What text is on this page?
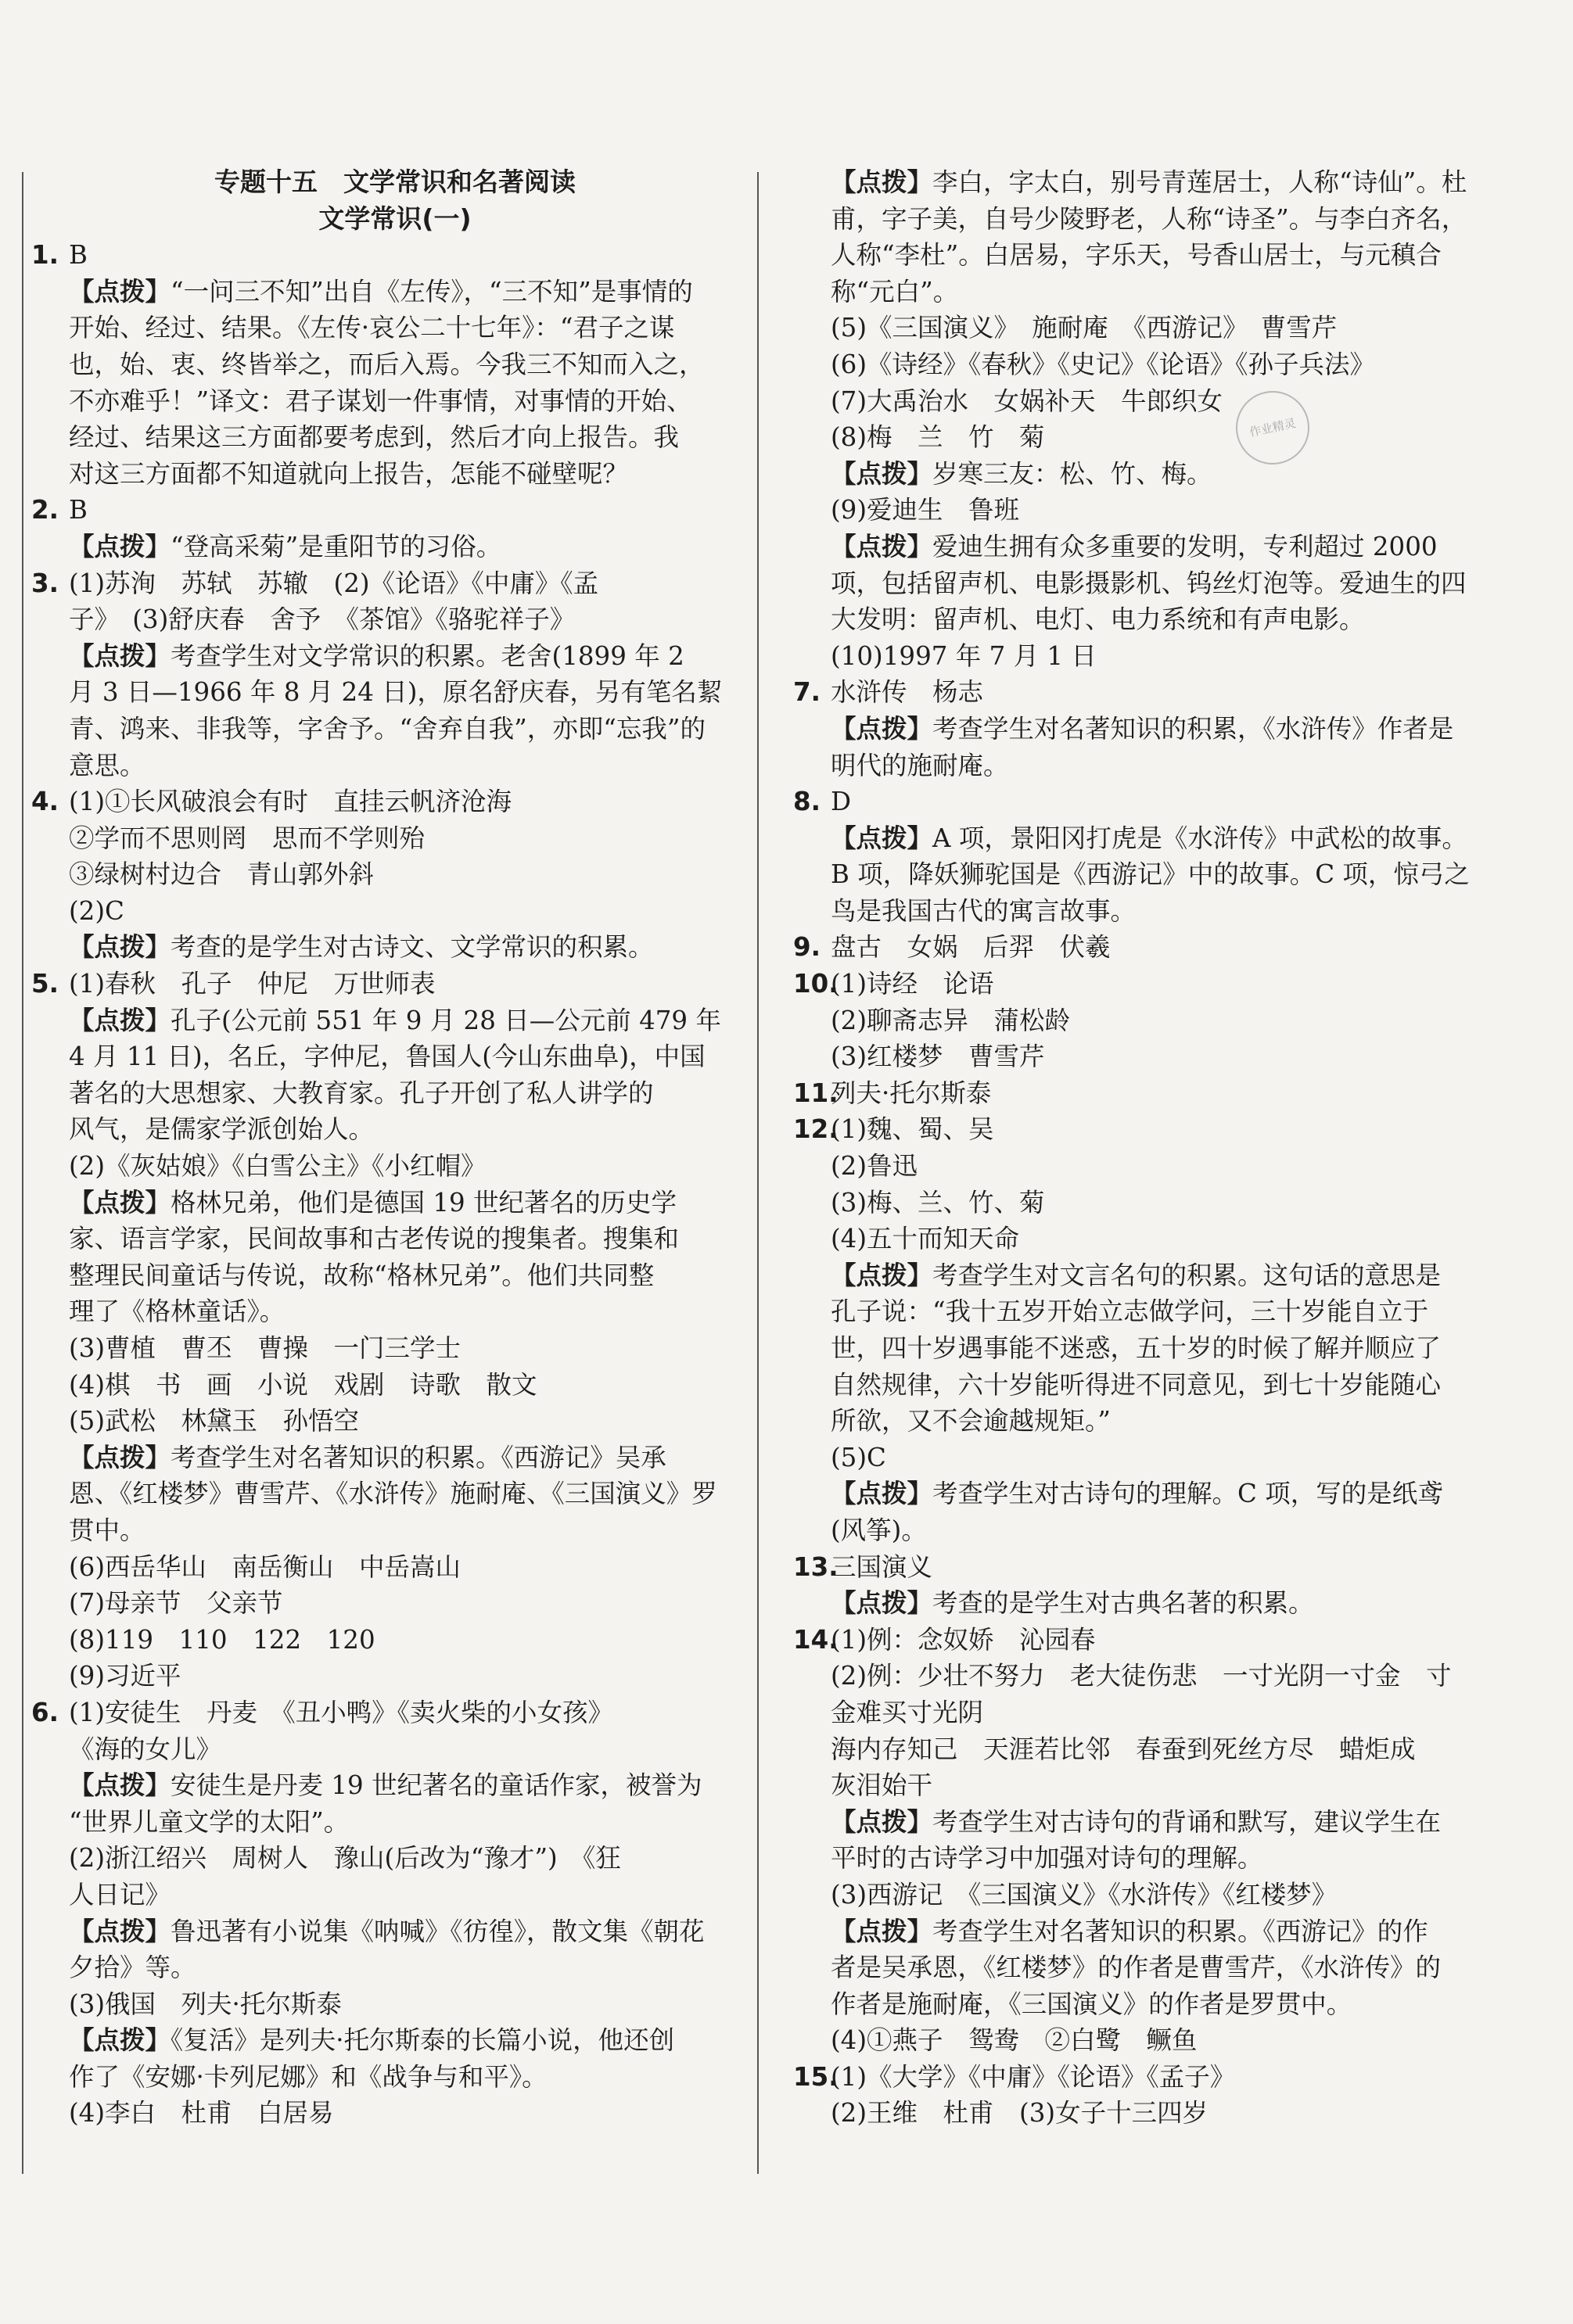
专题十五　文学常识和名著阅读
文学常识(一)
1. B
【点拨】“一问三不知”出自《左传》，“三不知”是事情的
开始、经过、结果。《左传·哀公二十七年》：“君子之谋
也，始、衷、终皆举之，而后入焉。今我三不知而入之，
不亦难乎！”译文：君子谋划一件事情，对事情的开始、
经过、结果这三方面都要考虑到，然后才向上报告。我
对这三方面都不知道就向上报告，怎能不碰壁呢？
2. B
【点拨】“登高采菊”是重阳节的习俗。
3. (1)苏洵　苏轼　苏辙　(2)《论语》《中庸》《孟
子》　(3)舒庆春　舍予　《茶馆》《骆驼祥子》
【点拨】考查学生对文学常识的积累。老舍(1899 年 2
月 3 日—1966 年 8 月 24 日)，原名舒庆春，另有笔名絜
青、鸿来、非我等，字舍予。“舍弃自我”，亦即“忘我”的
意思。
4. (1)①长风破浪会有时　直挂云帆济沧海
②学而不思则罔　思而不学则殆
③绿树村边合　青山郭外斜
(2)C
【点拨】考查的是学生对古诗文、文学常识的积累。
5. (1)春秋　孔子　仲尼　万世师表
【点拨】孔子(公元前 551 年 9 月 28 日—公元前 479 年
4 月 11 日)，名丘，字仲尼，鲁国人(今山东曲阜)，中国
著名的大思想家、大教育家。孔子开创了私人讲学的
风气，是儒家学派创始人。
(2)《灰姑娘》《白雪公主》《小红帽》
【点拨】格林兄弟，他们是德国 19 世纪著名的历史学
家、语言学家，民间故事和古老传说的搜集者。搜集和
整理民间童话与传说，故称“格林兄弟”。他们共同整
理了《格林童话》。
(3)曹植　曹丕　曹操　一门三学士
(4)棋　书　画　小说　戏剧　诗歌　散文
(5)武松　林黛玉　孙悟空
【点拨】考查学生对名著知识的积累。《西游记》吴承
恩、《红楼梦》曹雪芹、《水浒传》施耐庵、《三国演义》罗
贯中。
(6)西岳华山　南岳衡山　中岳嵩山
(7)母亲节　父亲节
(8)119　110　122　120
(9)习近平
6. (1)安徒生　丹麦　《丑小鸭》《卖火柴的小女孩》
《海的女儿》
【点拨】安徒生是丹麦 19 世纪著名的童话作家，被誉为
“世界儿童文学的太阳”。
(2)浙江绍兴　周树人　豫山(后改为“豫才”)　《狂
人日记》
【点拨】鲁迅著有小说集《呐喊》《彷徨》，散文集《朝花
夕拾》等。
(3)俄国　列夫·托尔斯泰
【点拨】《复活》是列夫·托尔斯泰的长篇小说，他还创
作了《安娜·卡列尼娜》和《战争与和平》。
(4)李白　杜甫　白居易
【点拨】李白，字太白，别号青莲居士，人称“诗仙”。杜
甫，字子美，自号少陵野老，人称“诗圣”。与李白齐名，
人称“李杜”。白居易，字乐天，号香山居士，与元稹合
称“元白”。
(5)《三国演义》　施耐庵　《西游记》　曹雪芹
(6)《诗经》《春秋》《史记》《论语》《孙子兵法》
(7)大禹治水　女娲补天　牛郎织女
(8)梅　兰　竹　菊
【点拨】岁寒三友：松、竹、梅。
(9)爱迪生　鲁班
【点拨】爱迪生拥有众多重要的发明，专利超过 2000
项，包括留声机、电影摄影机、钨丝灯泡等。爱迪生的四
大发明：留声机、电灯、电力系统和有声电影。
(10)1997 年 7 月 1 日
7. 水浒传　杨志
【点拨】考查学生对名著知识的积累，《水浒传》作者是
明代的施耐庵。
8. D
【点拨】A 项，景阳冈打虎是《水浒传》中武松的故事。
B 项，降妖狮驼国是《西游记》中的故事。C 项，惊弓之
鸟是我国古代的寓言故事。
9. 盘古　女娲　后羿　伏羲
10.
(1)诗经　论语
(2)聊斋志异　蒲松龄
(3)红楼梦　曹雪芹
11.
列夫·托尔斯泰
12.
(1)魏、蜀、吴
(2)鲁迅
(3)梅、兰、竹、菊
(4)五十而知天命
【点拨】考查学生对文言名句的积累。这句话的意思是
孔子说：“我十五岁开始立志做学问，三十岁能自立于
世，四十岁遇事能不迷惑，五十岁的时候了解并顺应了
自然规律，六十岁能听得进不同意见，到七十岁能随心
所欲，又不会逾越规矩。”
(5)C
【点拨】考查学生对古诗句的理解。C 项，写的是纸鸢
(风筝)。
13.
三国演义
【点拨】考查的是学生对古典名著的积累。
14.
(1)例：念奴娇　沁园春
(2)例：少壮不努力　老大徒伤悲　一寸光阴一寸金　寸
金难买寸光阴
海内存知己　天涯若比邻　春蚕到死丝方尽　蜡炬成
灰泪始干
【点拨】考查学生对古诗句的背诵和默写，建议学生在
平时的古诗学习中加强对诗句的理解。
(3)西游记　《三国演义》《水浒传》《红楼梦》
【点拨】考查学生对名著知识的积累。《西游记》的作
者是吴承恩，《红楼梦》的作者是曹雪芹，《水浒传》的
作者是施耐庵，《三国演义》的作者是罗贯中。
(4)①燕子　鸳鸯　②白鹭　鳜鱼
15.
(1)《大学》《中庸》《论语》《孟子》
(2)王维　杜甫　(3)女子十三四岁
作业精灵
